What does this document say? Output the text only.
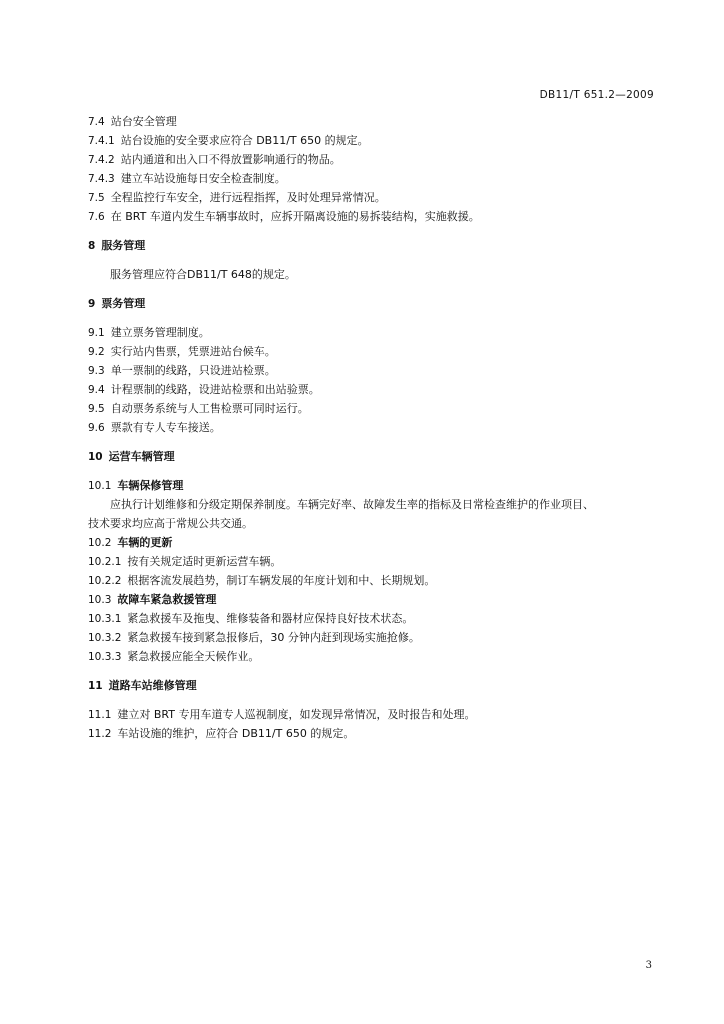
DB11/T 651.2—2009
7.4 站台安全管理
7.4.1 站台设施的安全要求应符合 DB11/T 650 的规定。
7.4.2 站内通道和出入口不得放置影响通行的物品。
7.4.3 建立车站设施每日安全检查制度。
7.5 全程监控行车安全，进行远程指挥，及时处理异常情况。
7.6 在 BRT 车道内发生车辆事故时，应拆开隔离设施的易拆装结构，实施救援。
8 服务管理
服务管理应符合DB11/T 648的规定。
9 票务管理
9.1 建立票务管理制度。
9.2 实行站内售票，凭票进站台候车。
9.3 单一票制的线路，只设进站检票。
9.4 计程票制的线路，设进站检票和出站验票。
9.5 自动票务系统与人工售检票可同时运行。
9.6 票款有专人专车接送。
10 运营车辆管理
10.1 车辆保修管理
应执行计划维修和分级定期保养制度。车辆完好率、故障发生率的指标及日常检查维护的作业项目、
技术要求均应高于常规公共交通。
10.2 车辆的更新
10.2.1 按有关规定适时更新运营车辆。
10.2.2 根据客流发展趋势，制订车辆发展的年度计划和中、长期规划。
10.3 故障车紧急救援管理
10.3.1 紧急救援车及拖曳、维修装备和器材应保持良好技术状态。
10.3.2 紧急救援车接到紧急报修后，30 分钟内赶到现场实施抢修。
10.3.3 紧急救援应能全天候作业。
11 道路车站维修管理
11.1 建立对 BRT 专用车道专人巡视制度，如发现异常情况，及时报告和处理。
11.2 车站设施的维护，应符合 DB11/T 650 的规定。
3
